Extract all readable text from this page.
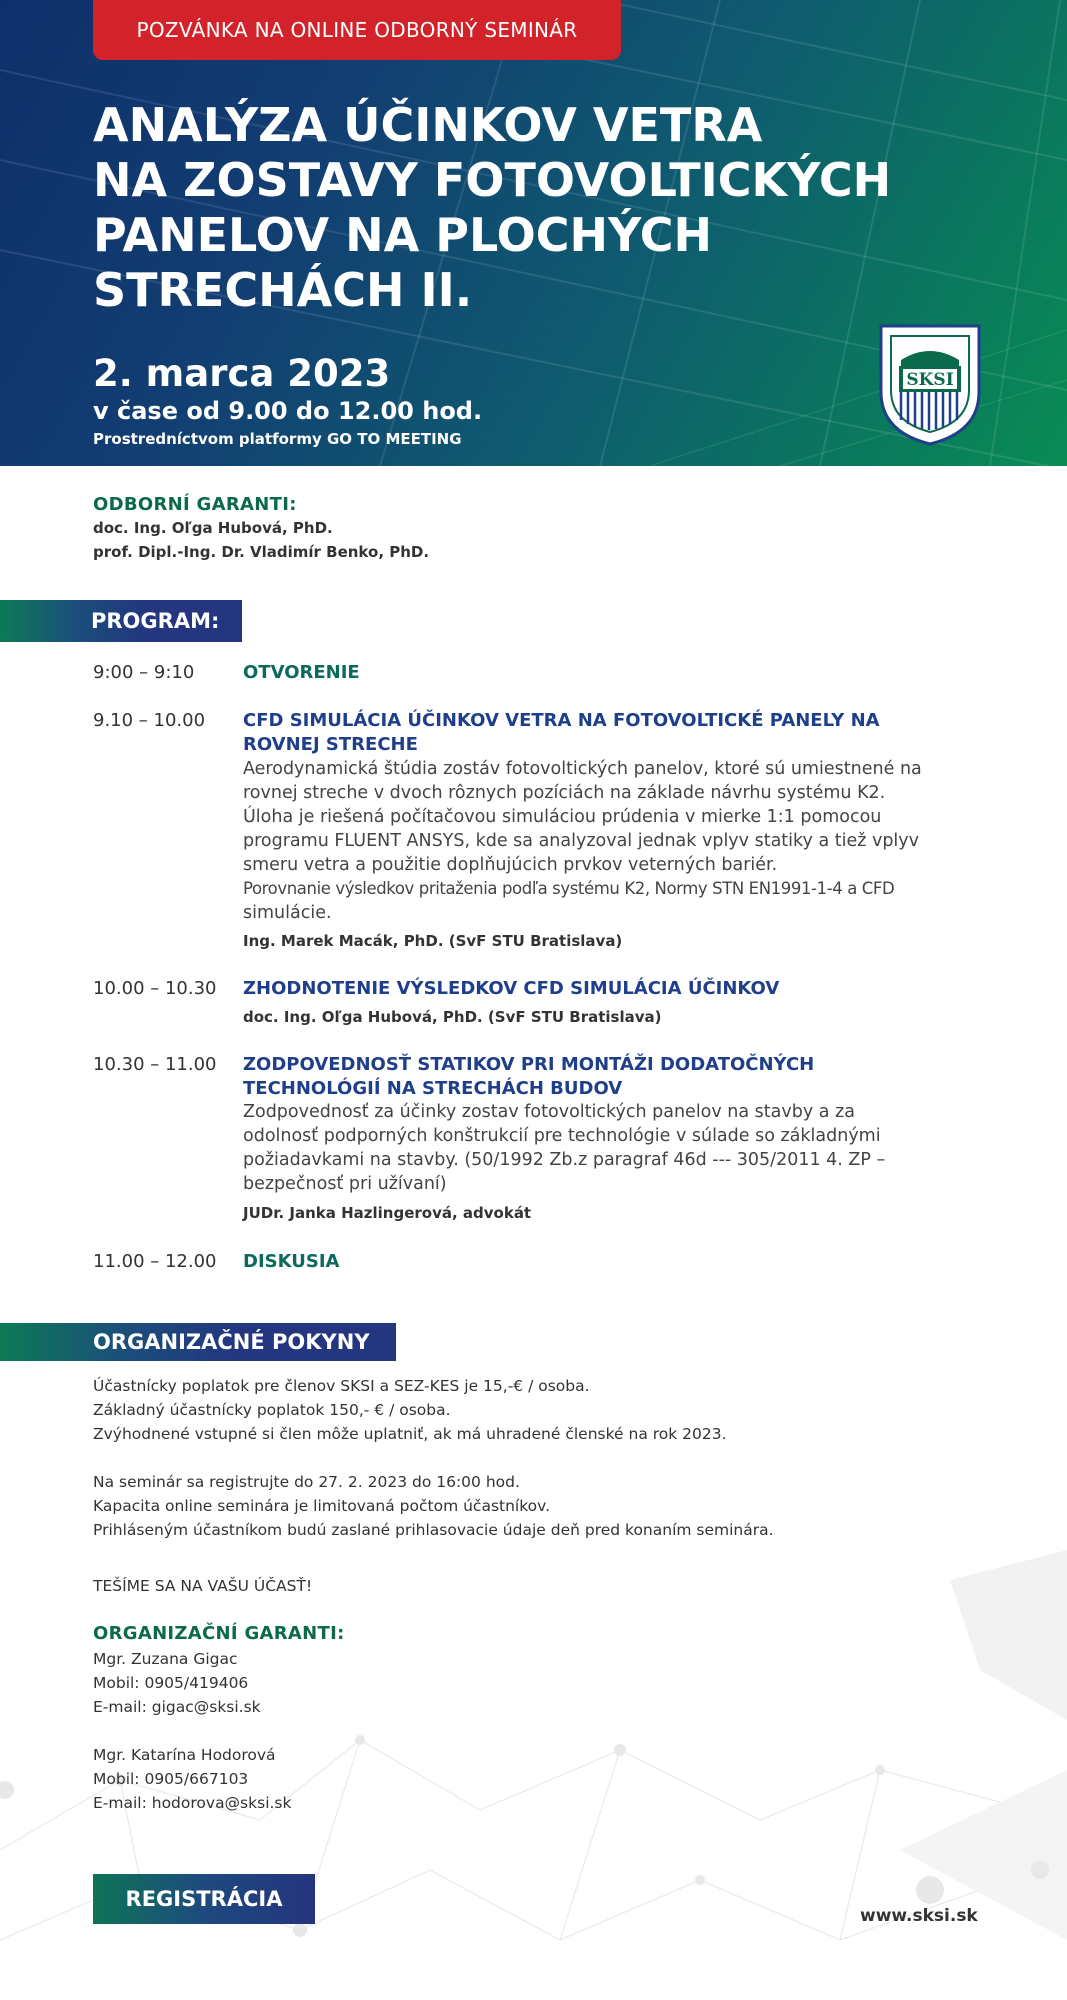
POZVÁNKA NA ONLINE ODBORNÝ SEMINÁR
ANALÝZA ÚČINKOV VETRA
NA ZOSTAVY FOTOVOLTICKÝCH
PANELOV NA PLOCHÝCH
STRECHÁCH II.
2. marca 2023
v čase od 9.00 do 12.00 hod.
Prostredníctvom platformy GO TO MEETING
SKSI
ODBORNÍ GARANTI:
doc. Ing. Oľga Hubová, PhD.
prof. Dipl.-Ing. Dr. Vladimír Benko, PhD.
PROGRAM:
9:00 – 9:10	OTVORENIE
9.10 – 10.00 CFD SIMULÁCIA ÚČINKOV VETRA NA FOTOVOLTICKÉ PANELY NA
ROVNEJ STRECHE
Aerodynamická štúdia zostáv fotovoltických panelov, ktoré sú umiestnené na
rovnej streche v dvoch rôznych pozíciách na základe návrhu systému K2.
Úloha je riešená počítačovou simuláciou prúdenia v mierke 1:1 pomocou
programu FLUENT ANSYS, kde sa analyzoval jednak vplyv statiky a tiež vplyv
smeru vetra a použitie doplňujúcich prvkov veterných bariér.
Porovnanie výsledkov pritaženia podľa systému K2, Normy STN EN1991-1-4 a CFD
simulácie.
Ing. Marek Macák, PhD. (SvF STU Bratislava)
10.00 – 10.30 ZHODNOTENIE VÝSLEDKOV CFD SIMULÁCIA ÚČINKOV
doc. Ing. Oľga Hubová, PhD. (SvF STU Bratislava)
10.30 – 11.00 ZODPOVEDNOSŤ STATIKOV PRI MONTÁŽI DODATOČNÝCH
TECHNOLÓGIÍ NA STRECHÁCH BUDOV
Zodpovednosť za účinky zostav fotovoltických panelov na stavby a za
odolnosť podporných konštrukcií pre technológie v súlade so základnými
požiadavkami na stavby. (50/1992 Zb.z paragraf 46d --- 305/2011 4. ZP –
bezpečnosť pri užívaní)
JUDr. Janka Hazlingerová, advokát
11.00 – 12.00 DISKUSIA
ORGANIZAČNÉ POKYNY
Účastnícky poplatok pre členov SKSI a SEZ-KES je 15,-€ / osoba.
Základný účastnícky poplatok 150,- € / osoba.
Zvýhodnené vstupné si člen môže uplatniť, ak má uhradené členské na rok 2023.
Na seminár sa registrujte do 27. 2. 2023 do 16:00 hod.
Kapacita online seminára je limitovaná počtom účastníkov.
Prihláseným účastníkom budú zaslané prihlasovacie údaje deň pred konaním seminára.
TEŠÍME SA NA VAŠU ÚČASŤ!
ORGANIZAČNÍ GARANTI:
Mgr. Zuzana Gigac
Mobil: 0905/419406
E-mail: gigac@sksi.sk
Mgr. Katarína Hodorová
Mobil: 0905/667103
E-mail: hodorova@sksi.sk
REGISTRÁCIA
www.sksi.sk
